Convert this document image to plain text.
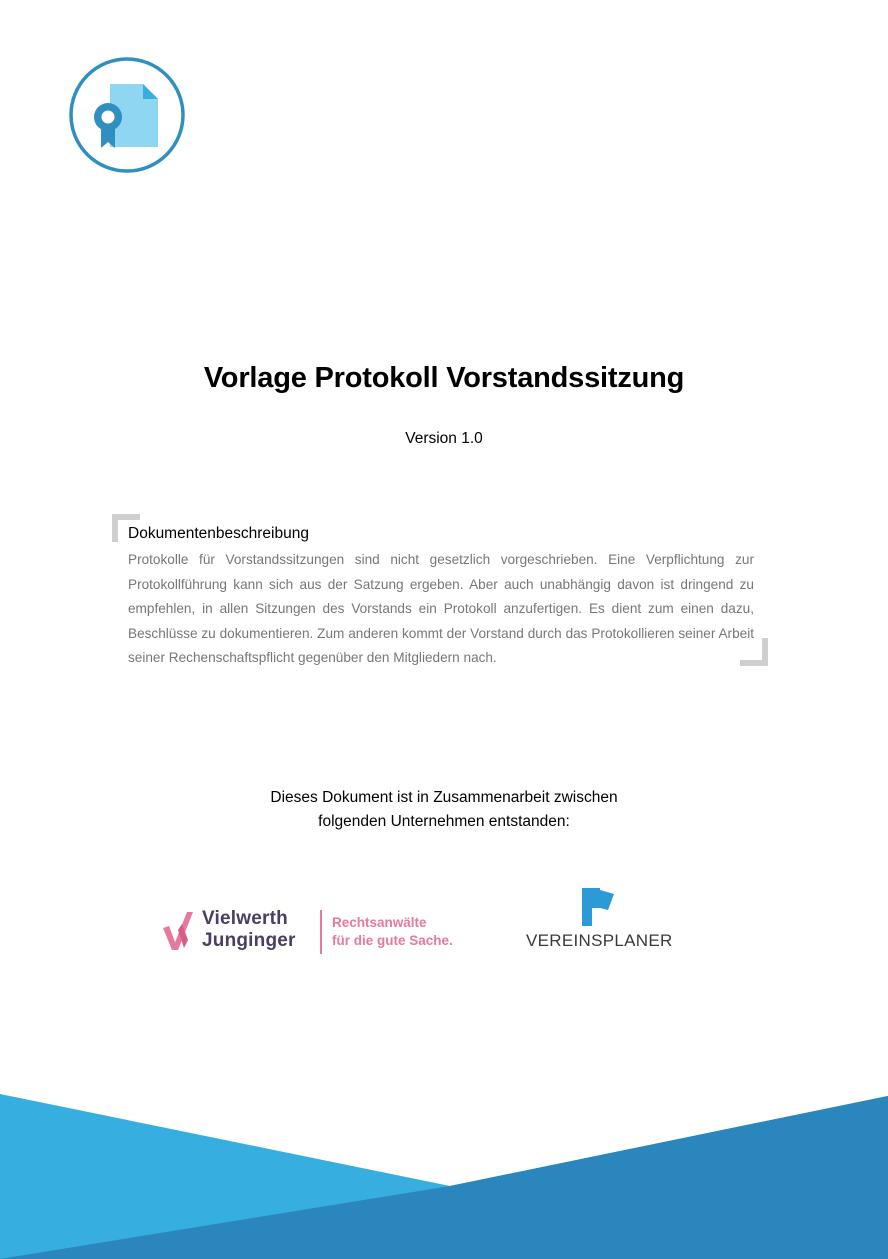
Vorlage Protokoll Vorstandssitzung
Version 1.0
Dokumentenbeschreibung
Protokolle für Vorstandssitzungen sind nicht gesetzlich vorgeschrieben. Eine Verpflichtung zur Protokollführung kann sich aus der Satzung ergeben. Aber auch unabhängig davon ist dringend zu empfehlen, in allen Sitzungen des Vorstands ein Protokoll anzufertigen. Es dient zum einen dazu, Beschlüsse zu dokumentieren. Zum anderen kommt der Vorstand durch das Protokollieren seiner Arbeit seiner Rechenschaftspflicht gegenüber den Mitgliedern nach.
Dieses Dokument ist in Zusammenarbeit zwischen
folgenden Unternehmen entstanden:
Vielwerth
Junginger
Rechtsanwälte
für die gute Sache.	VEREINSPLANER
